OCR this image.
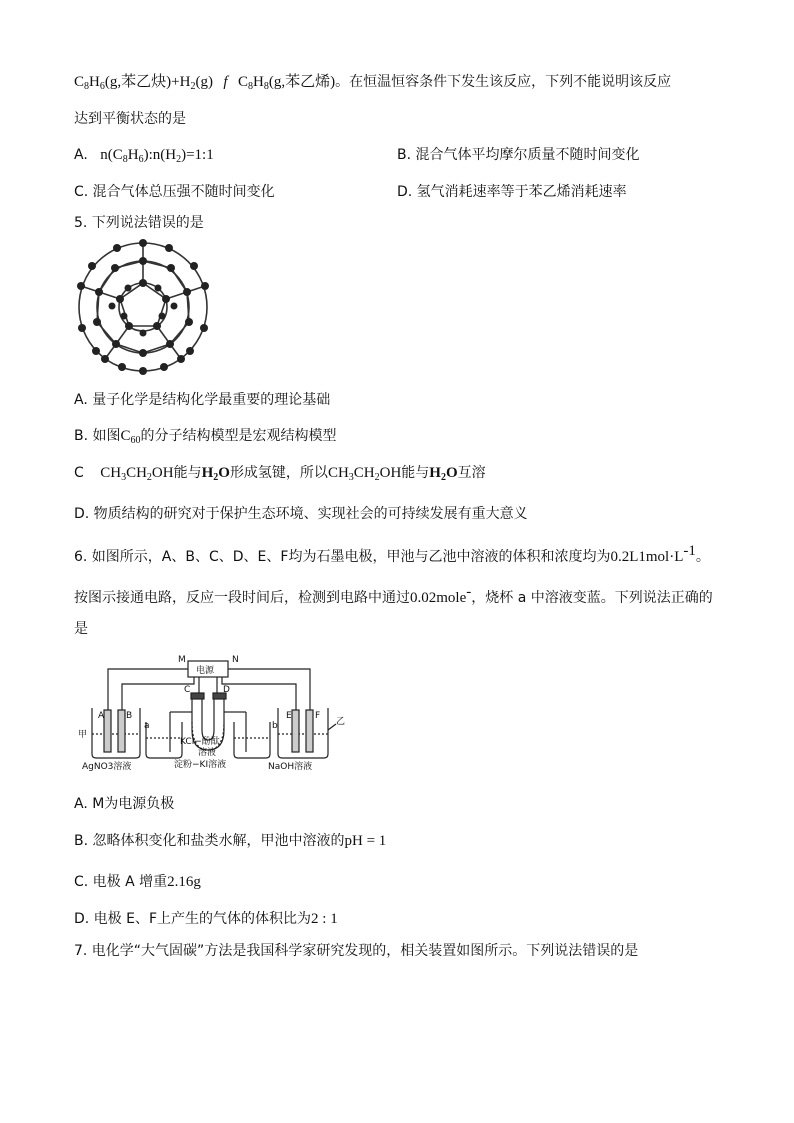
$C_8H_6(g$,苯乙炔)$+H_2(g)$ f $C_8H_8(g$,苯乙烯)。在恒温恒容条件下发生该反应，下列不能说明该反应
达到平衡状态的是
A. $n(C_8H_6):n(H_2)=1:1$	B. 混合气体平均摩尔质量不随时间变化
C. 混合气体总压强不随时间变化	D. 氢气消耗速率等于苯乙烯消耗速率
5. 下列说法错误的是
A. 量子化学是结构化学最重要的理论基础
B. 如图$C_{60}$的分子结构模型是宏观结构模型
C $CH_3CH_2OH$能与$H_2O$形成氢键，所以$CH_3CH_2OH$能与$H_2O$互溶
D. 物质结构的研究对于保护生态环境、实现社会的可持续发展有重大意义
6. 如图所示，A、B、C、D、E、F均为石墨电极，甲池与乙池中溶液的体积和浓度均为$0.2L1mol\cdot L^{-1}$。
按图示接通电路，反应一段时间后，检测到电路中通过0.02mole-，烧杯 a 中溶液变蓝。下列说法正确的
是
M	N
电源
C	D
A B	E	F
a	b
甲
乙
AgNO3溶液
KCl−酚酞
溶液
淀粉−KI溶液	NaOH溶液
A. M为电源负极
B. 忽略体积变化和盐类水解，甲池中溶液的pH = 1
C. 电极 A 增重2.16g
D. 电极 E、F上产生的气体的体积比为2 : 1
7. 电化学“大气固碳”方法是我国科学家研究发现的，相关装置如图所示。下列说法错误的是
